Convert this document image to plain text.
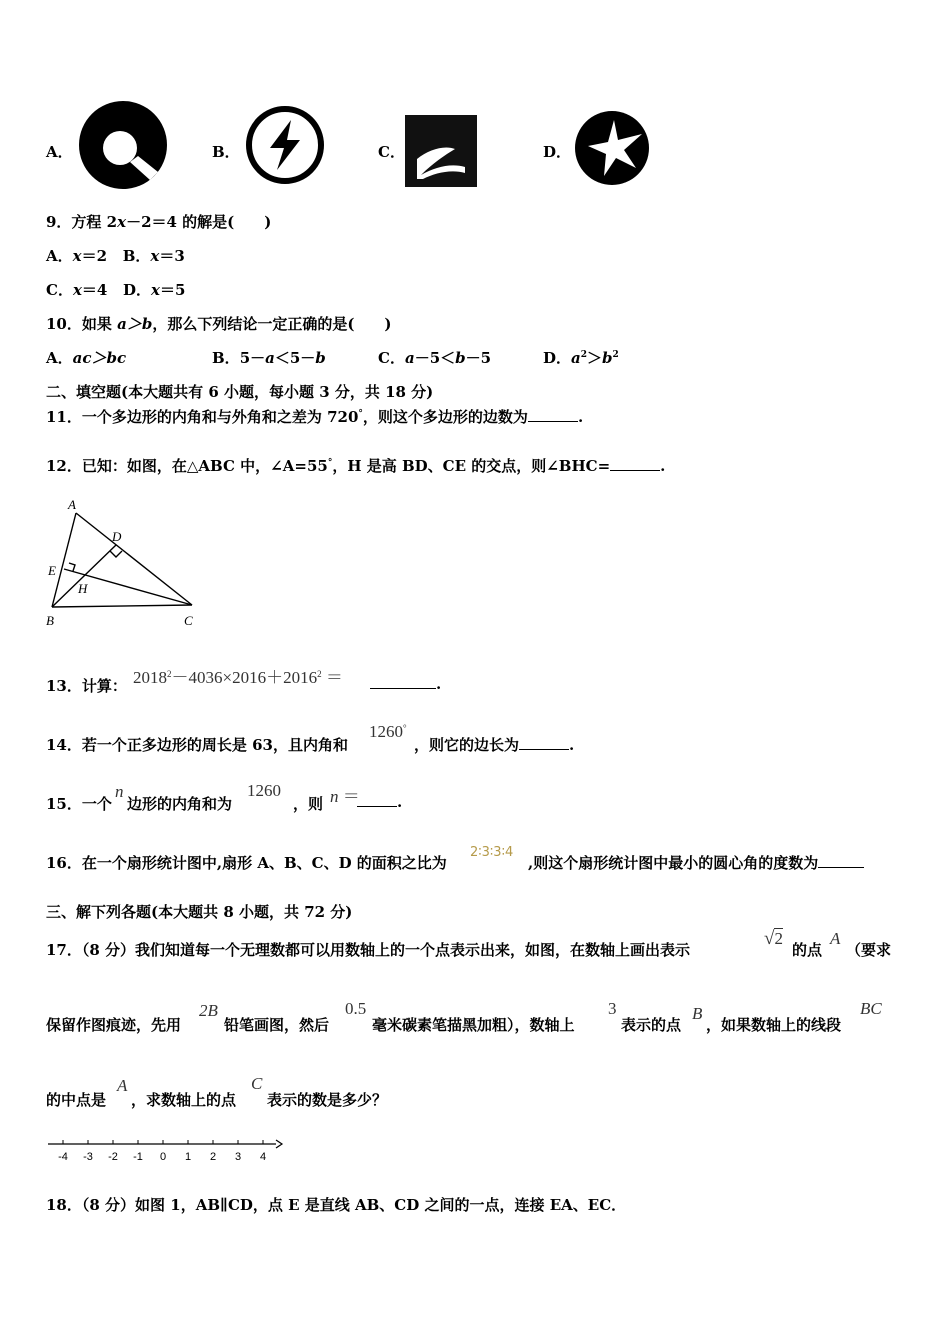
A．	B．	C．	D．
9．方程 2x－2＝4 的解是(　　)
A．x＝2 B．x＝3
C．x＝4 D．x＝5
10．如果 a＞b，那么下列结论一定正确的是(　　)
A．ac＞bc	B．5－a＜5－b	C．a－5＜b－5	D．$a^2>b^2$
二、填空题(本大题共有 6 小题，每小题 3 分，共 18 分)
11．一个多边形的内角和与外角和之差为 720°，则这个多边形的边数为	.
12．已知：如图，在△ABC 中，∠A=55°，H 是高 BD、CE 的交点，则∠BHC=	.
A
D
E
H
B	C
13．计算： $2018^2-4036\times 2016+2016^2$ ＝	.
14．若一个正多边形的周长是 63，且内角和
1260°
，则它的边长为	.
15．一个
n
边形的内角和为
1260
，则 n ＝	.
16．在一个扇形统计图中,扇形 A、B、C、D 的面积之比为
2∶3∶3∶4
,则这个扇形统计图中最小的圆心角的度数为
三、解下列各题(本大题共 8 小题，共 72 分)
17．（8 分）我们知道每一个无理数都可以用数轴上的一个点表示出来，如图，在数轴上画出表示
√2
的点
A
（要求
保留作图痕迹，先用
2B
铅笔画图，然后
0.5
毫米碳素笔描黑加粗），数轴上
3
表示的点
B
，如果数轴上的线段
BC
的中点是
A
，求数轴上的点
C
表示的数是多少？
-4 -3 -2 -1 0 1 2 3 4
18．（8 分）如图 1，AB∥CD，点 E 是直线 AB、CD 之间的一点，连接 EA、EC．
